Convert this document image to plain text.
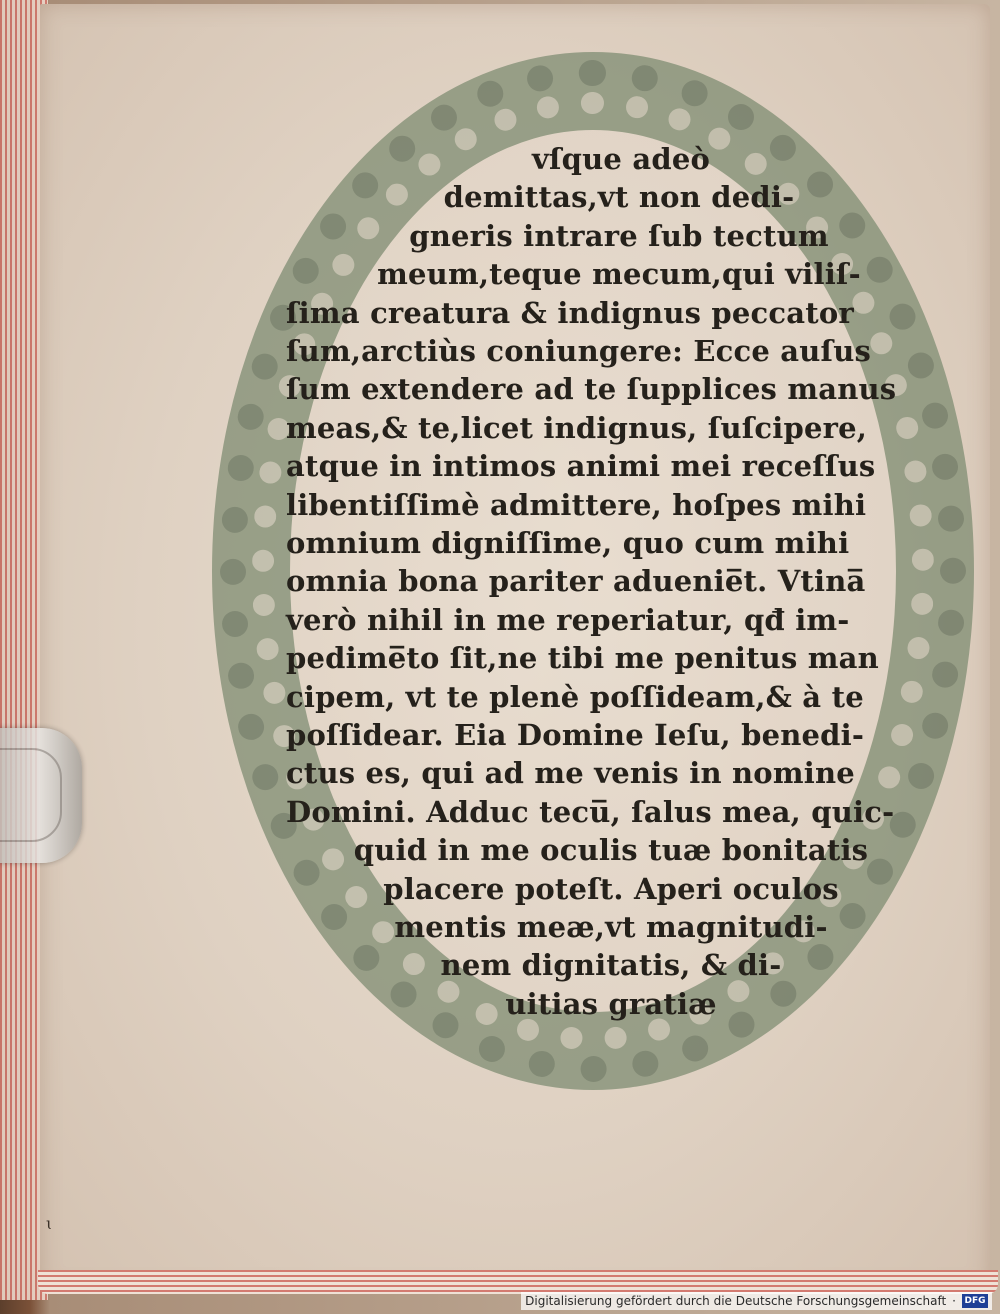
vſque adeò
demittas,vt non dedi-
gneris intrare ſub tectum
meum,teque mecum,qui viliſ-
ſima creatura & indignus peccator
ſum,arctiùs coniungere: Ecce auſus
ſum extendere ad te ſupplices manus
meas,& te,licet indignus, ſuſcipere,
atque in intimos animi mei receſſus
libentiſſimè admittere, hoſpes mihi
omnium digniſſime, quo cum mihi
omnia bona pariter aduenie̅t. Vtina̅
verò nihil in me reperiatur, qđ im-
pedime̅to ſit,ne tibi me penitus man
cipem, vt te plenè poſſideam,& à te
poſſidear. Eia Domine Ieſu, benedi-
ctus es, qui ad me venis in nomine
Domini. Adduc tecu̅, ſalus mea, quic-
quid in me oculis tuæ bonitatis
placere poteſt. Aperi oculos
mentis meæ,vt magnitudi-
nem dignitatis, & di-
uitias gratiæ
ɩ
Digitalisierung gefördert durch die Deutsche Forschungsgemeinschaft · DFG
